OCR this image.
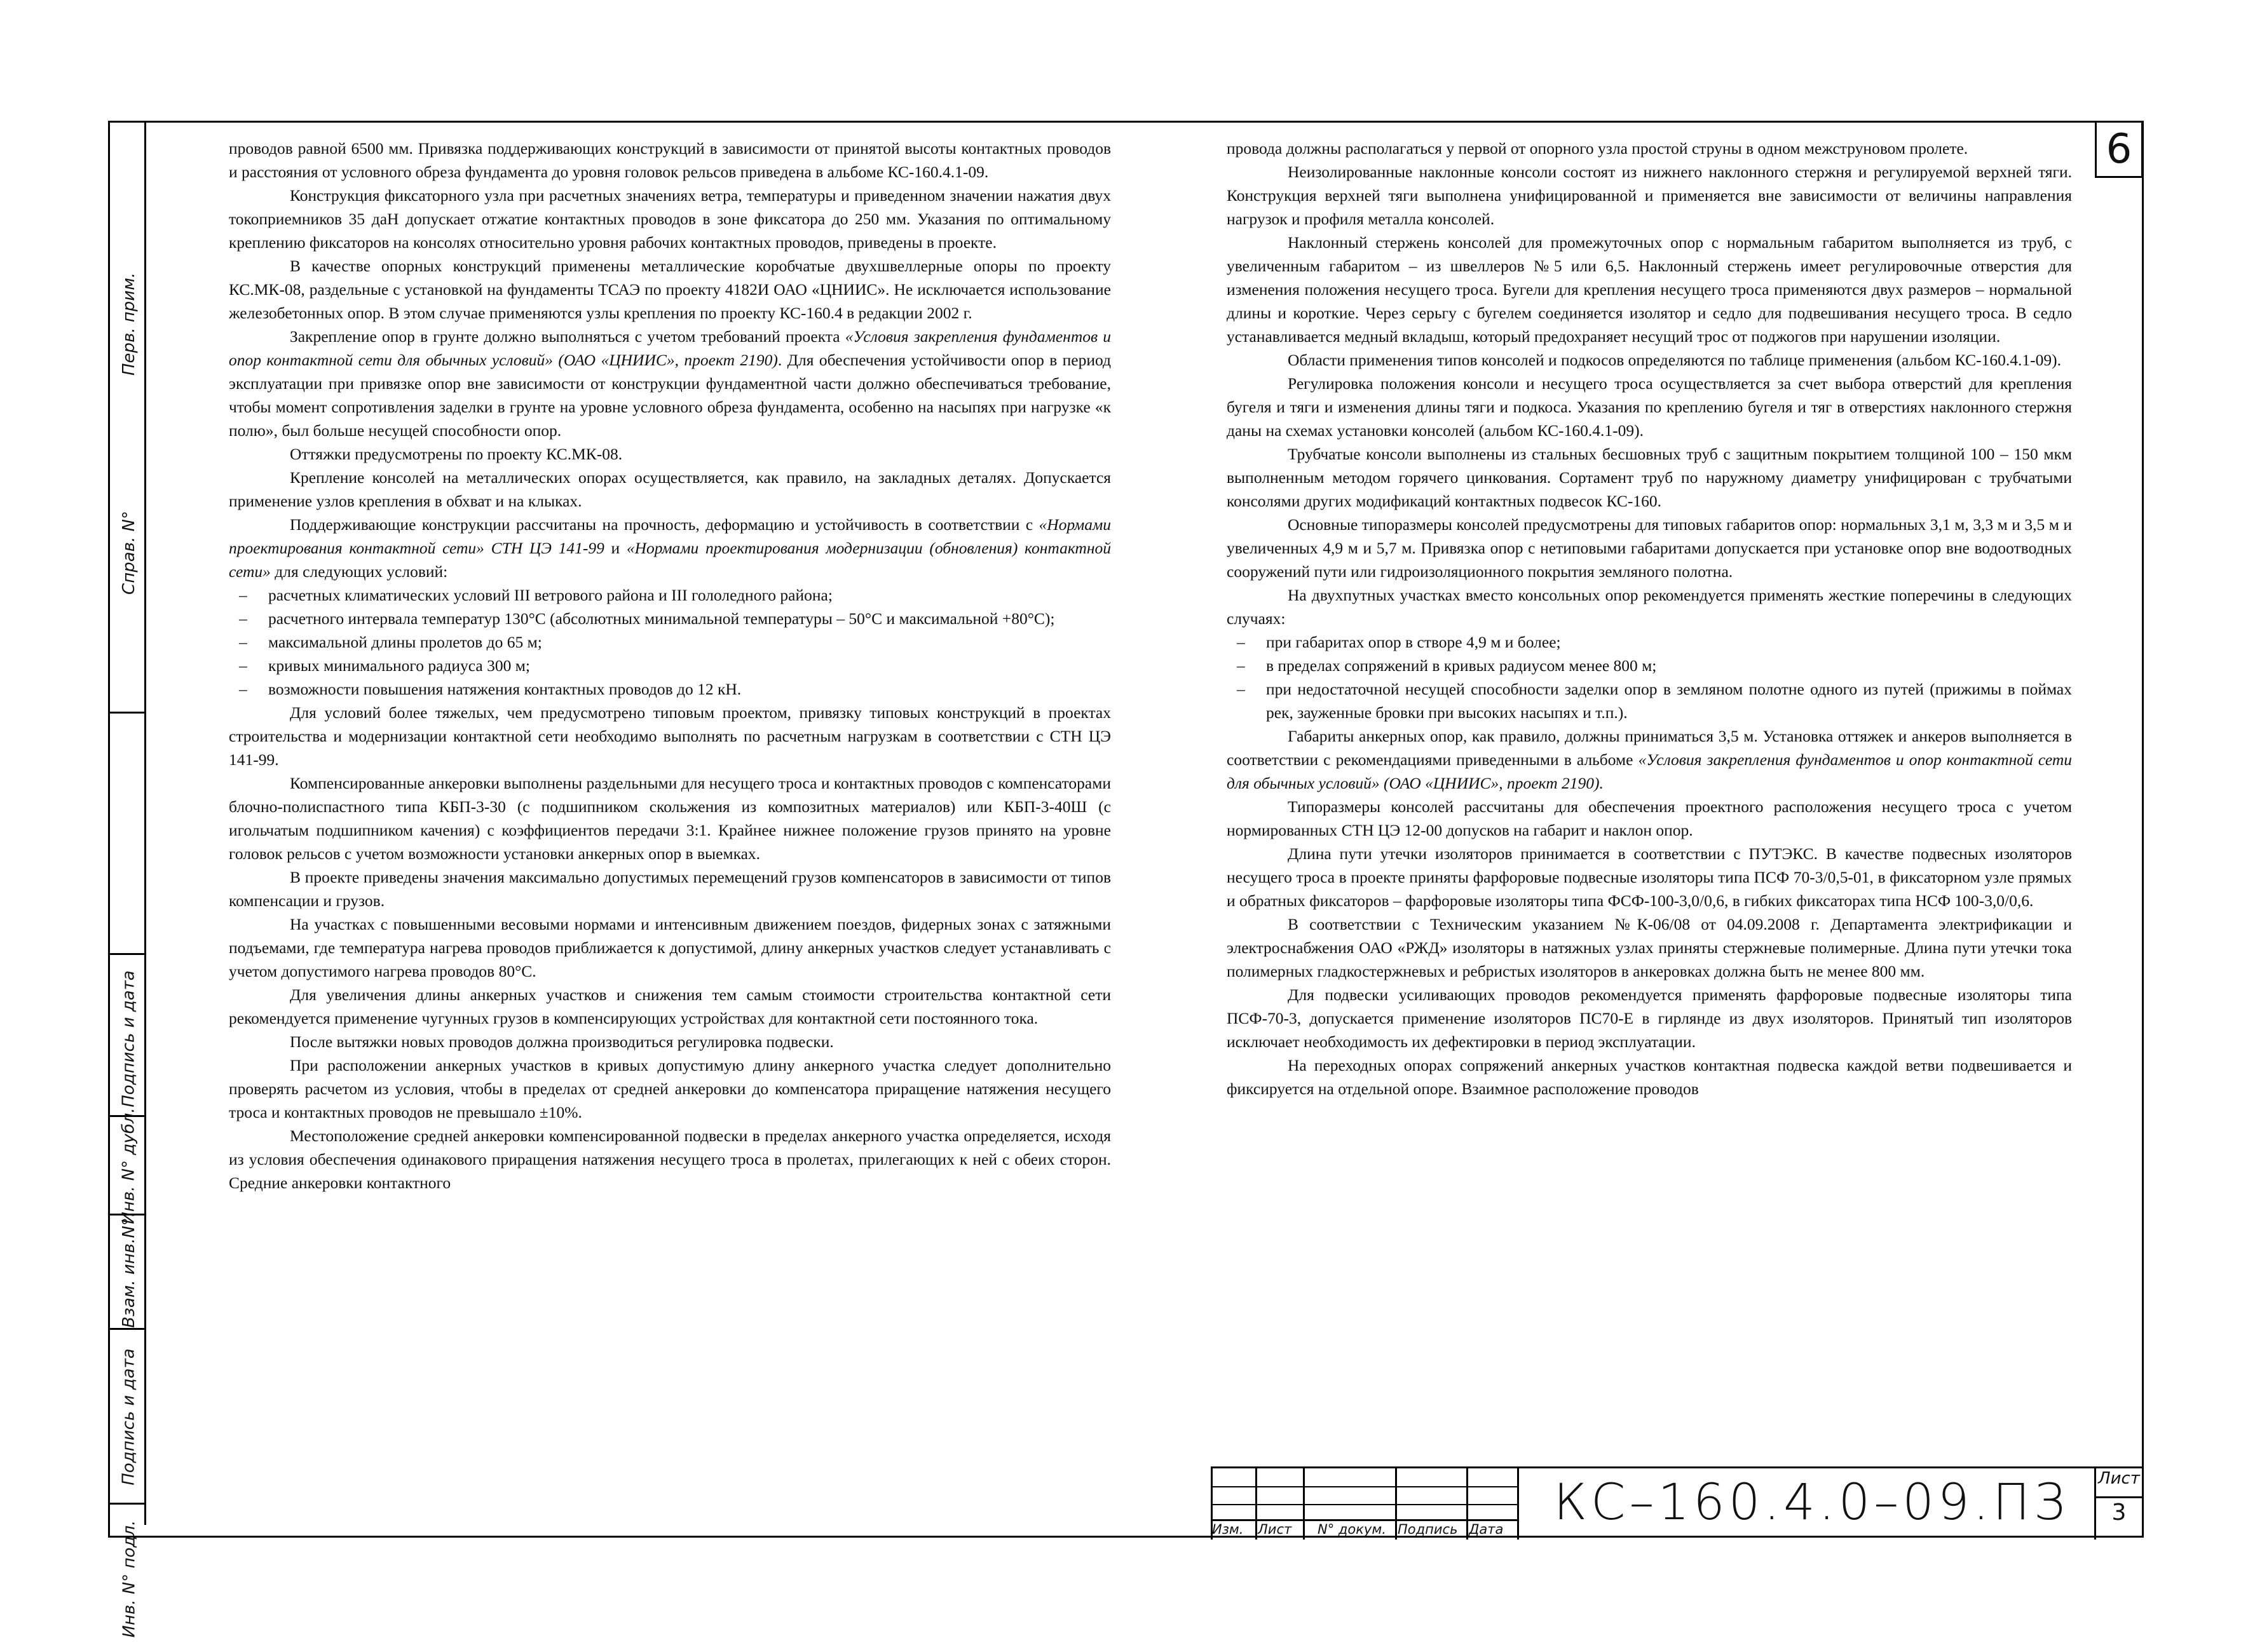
Перв. прим.
Справ. N°
Подпись и дата
Инв. N° дубл.
Взам. инв.N°
Подпись и дата
Инв. N° подл.
6

проводов равной 6500 мм. Привязка поддерживающих конструкций в зависимости от принятой высоты контактных проводов и расстояния от условного обреза фундамента до уровня головок рельсов приведена в альбоме КС-160.4.1-09.

Конструкция фиксаторного узла при расчетных значениях ветра, температуры и приведенном значении нажатия двух токоприемников 35 даН допускает отжатие контактных проводов в зоне фиксатора до 250 мм. Указания по оптимальному креплению фиксаторов на консолях относительно уровня рабочих контактных проводов, приведены в проекте.

В качестве опорных конструкций применены металлические коробчатые двухшвеллерные опоры по проекту КС.МК-08, раздельные с установкой на фундаменты ТСАЭ по проекту 4182И ОАО «ЦНИИС». Не исключается использование железобетонных опор. В этом случае применяются узлы крепления по проекту КС-160.4 в редакции 2002 г.

Закрепление опор в грунте должно выполняться с учетом требований проекта «Условия закрепления фундаментов и опор контактной сети для обычных условий» (ОАО «ЦНИИС», проект 2190). Для обеспечения устойчивости опор в период эксплуатации при привязке опор вне зависимости от конструкции фундаментной части должно обеспечиваться требование, чтобы момент сопротивления заделки в грунте на уровне условного обреза фундамента, особенно на насыпях при нагрузке «к полю», был больше несущей способности опор.

Оттяжки предусмотрены по проекту КС.МК-08.

Крепление консолей на металлических опорах осуществляется, как правило, на закладных деталях. Допускается применение узлов крепления в обхват и на клыках.

Поддерживающие конструкции рассчитаны на прочность, деформацию и устойчивость в соответствии с «Нормами проектирования контактной сети» СТН ЦЭ 141-99 и «Нормами проектирования модернизации (обновления) контактной сети» для следующих условий:

– расчетных климатических условий III ветрового района и III гололедного района;
– расчетного интервала температур 130°С (абсолютных минимальной температуры – 50°С и максимальной +80°С);
– максимальной длины пролетов до 65 м;
– кривых минимального радиуса 300 м;
– возможности повышения натяжения контактных проводов до 12 кН.

Для условий более тяжелых, чем предусмотрено типовым проектом, привязку типовых конструкций в проектах строительства и модернизации контактной сети необходимо выполнять по расчетным нагрузкам в соответствии с СТН ЦЭ 141-99.

Компенсированные анкеровки выполнены раздельными для несущего троса и контактных проводов с компенсаторами блочно-полиспастного типа КБП-3-30 (с подшипником скольжения из композитных материалов) или КБП-3-40Ш (с игольчатым подшипником качения) с коэффициентов передачи 3:1. Крайнее нижнее положение грузов принято на уровне головок рельсов с учетом возможности установки анкерных опор в выемках.

В проекте приведены значения максимально допустимых перемещений грузов компенсаторов в зависимости от типов компенсации и грузов.

На участках с повышенными весовыми нормами и интенсивным движением поездов, фидерных зонах с затяжными подъемами, где температура нагрева проводов приближается к допустимой, длину анкерных участков следует устанавливать с учетом допустимого нагрева проводов 80°С.

Для увеличения длины анкерных участков и снижения тем самым стоимости строительства контактной сети рекомендуется применение чугунных грузов в компенсирующих устройствах для контактной сети постоянного тока.

После вытяжки новых проводов должна производиться регулировка подвески.

При расположении анкерных участков в кривых допустимую длину анкерного участка следует дополнительно проверять расчетом из условия, чтобы в пределах от средней анкеровки до компенсатора приращение натяжения несущего троса и контактных проводов не превышало ±10%.

Местоположение средней анкеровки компенсированной подвески в пределах анкерного участка определяется, исходя из условия обеспечения одинакового приращения натяжения несущего троса в пролетах, прилегающих к ней с обеих сторон. Средние анкеровки контактного

провода должны располагаться у первой от опорного узла простой струны в одном межструновом пролете.

Неизолированные наклонные консоли состоят из нижнего наклонного стержня и регулируемой верхней тяги. Конструкция верхней тяги выполнена унифицированной и применяется вне зависимости от величины направления нагрузок и профиля металла консолей.

Наклонный стержень консолей для промежуточных опор с нормальным габаритом выполняется из труб, с увеличенным габаритом – из швеллеров №5 или 6,5. Наклонный стержень имеет регулировочные отверстия для изменения положения несущего троса. Бугели для крепления несущего троса применяются двух размеров – нормальной длины и короткие. Через серьгу с бугелем соединяется изолятор и седло для подвешивания несущего троса. В седло устанавливается медный вкладыш, который предохраняет несущий трос от поджогов при нарушении изоляции.

Области применения типов консолей и подкосов определяются по таблице применения (альбом КС-160.4.1-09).

Регулировка положения консоли и несущего троса осуществляется за счет выбора отверстий для крепления бугеля и тяги и изменения длины тяги и подкоса. Указания по креплению бугеля и тяг в отверстиях наклонного стержня даны на схемах установки консолей (альбом КС-160.4.1-09).

Трубчатые консоли выполнены из стальных бесшовных труб с защитным покрытием толщиной 100 – 150 мкм выполненным методом горячего цинкования. Сортамент труб по наружному диаметру унифицирован с трубчатыми консолями других модификаций контактных подвесок КС-160.

Основные типоразмеры консолей предусмотрены для типовых габаритов опор: нормальных 3,1 м, 3,3 м и 3,5 м и увеличенных 4,9 м и 5,7 м. Привязка опор с нетиповыми габаритами допускается при установке опор вне водоотводных сооружений пути или гидроизоляционного покрытия земляного полотна.

На двухпутных участках вместо консольных опор рекомендуется применять жесткие поперечины в следующих случаях:

– при габаритах опор в створе 4,9 м и более;
– в пределах сопряжений в кривых радиусом менее 800 м;
– при недостаточной несущей способности заделки опор в земляном полотне одного из путей (прижимы в поймах рек, зауженные бровки при высоких насыпях и т.п.).

Габариты анкерных опор, как правило, должны приниматься 3,5 м. Установка оттяжек и анкеров выполняется в соответствии с рекомендациями приведенными в альбоме «Условия закрепления фундаментов и опор контактной сети для обычных условий» (ОАО «ЦНИИС», проект 2190).

Типоразмеры консолей рассчитаны для обеспечения проектного расположения несущего троса с учетом нормированных СТН ЦЭ 12-00 допусков на габарит и наклон опор.

Длина пути утечки изоляторов принимается в соответствии с ПУТЭКС. В качестве подвесных изоляторов несущего троса в проекте приняты фарфоровые подвесные изоляторы типа ПСФ 70-3/0,5-01, в фиксаторном узле прямых и обратных фиксаторов – фарфоровые изоляторы типа ФСФ-100-3,0/0,6, в гибких фиксаторах типа НСФ 100-3,0/0,6.

В соответствии с Техническим указанием №К-06/08 от 04.09.2008 г. Департамента электрификации и электроснабжения ОАО «РЖД» изоляторы в натяжных узлах приняты стержневые полимерные. Длина пути утечки тока полимерных гладкостержневых и ребристых изоляторов в анкеровках должна быть не менее 800 мм.

Для подвески усиливающих проводов рекомендуется применять фарфоровые подвесные изоляторы типа ПСФ-70-3, допускается применение изоляторов ПС70-Е в гирлянде из двух изоляторов. Принятый тип изоляторов исключает необходимость их дефектировки в период эксплуатации.

На переходных опорах сопряжений анкерных участков контактная подвеска каждой ветви подвешивается и фиксируется на отдельной опоре. Взаимное расположение проводов

Изм. Лист N° докум. Подпись Дата	КС–160.4.0–09.ПЗ	Лист
3
